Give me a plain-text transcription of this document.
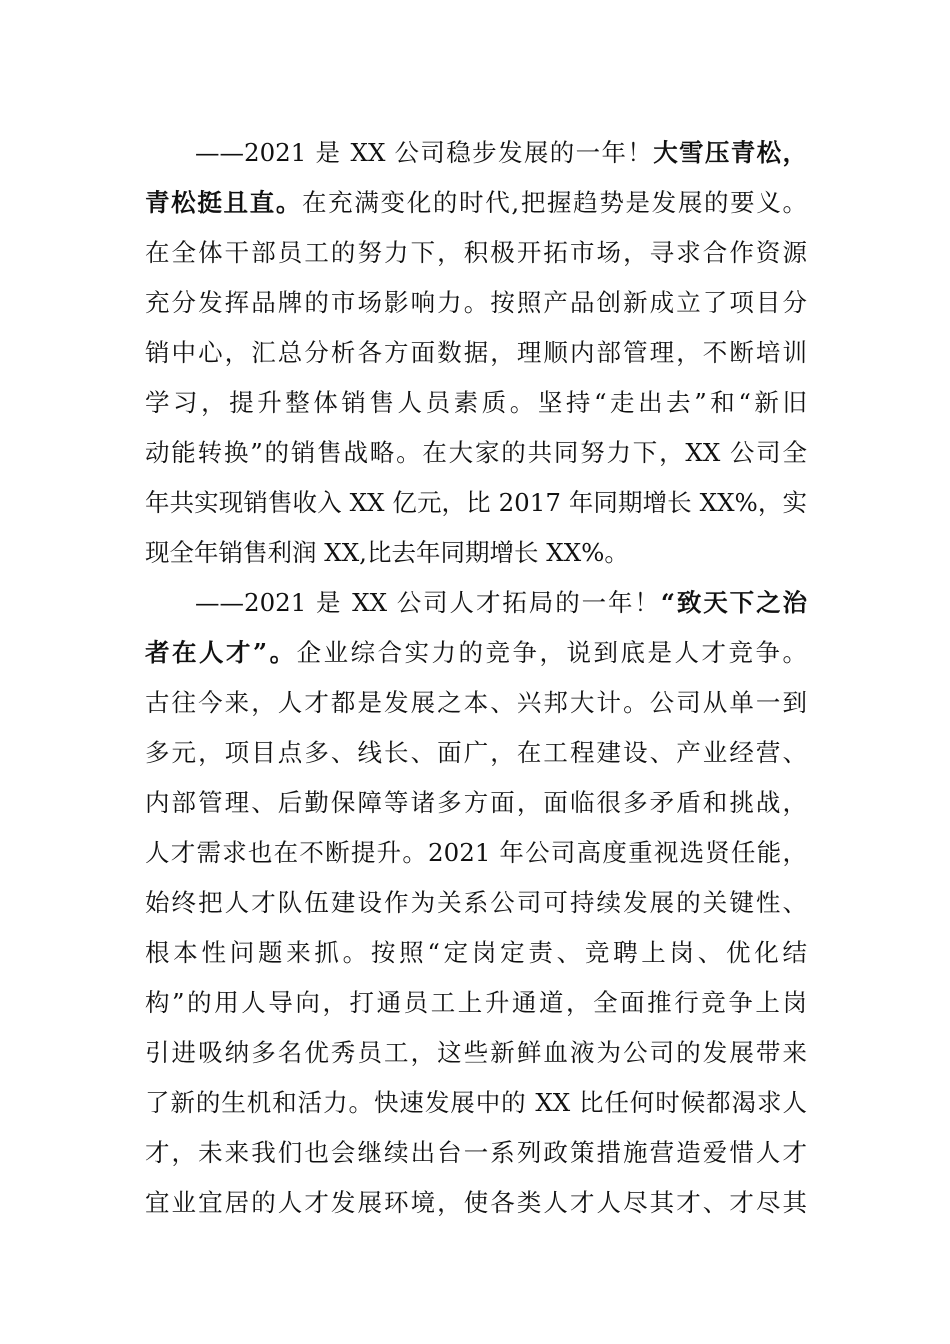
——2021 是 XX 公司稳步发展的一年！大雪压青松，
青松挺且直。在充满变化的时代,把握趋势是发展的要义。
在全体干部员工的努力下，积极开拓市场，寻求合作资源
充分发挥品牌的市场影响力。按照产品创新成立了项目分
销中心，汇总分析各方面数据，理顺内部管理，不断培训
学习，提升整体销售人员素质。坚持“走出去”和“新旧
动能转换”的销售战略。在大家的共同努力下，XX 公司全
年共实现销售收入 XX 亿元，比 2017 年同期增长 XX%，实
现全年销售利润 XX,比去年同期增长 XX%。
——2021 是 XX 公司人才拓局的一年！“致天下之治
者在人才”。企业综合实力的竞争，说到底是人才竞争。
古往今来，人才都是发展之本、兴邦大计。公司从单一到
多元，项目点多、线长、面广，在工程建设、产业经营、
内部管理、后勤保障等诸多方面，面临很多矛盾和挑战，
人才需求也在不断提升。2021 年公司高度重视选贤任能，
始终把人才队伍建设作为关系公司可持续发展的关键性、
根本性问题来抓。按照“定岗定责、竞聘上岗、优化结
构”的用人导向，打通员工上升通道，全面推行竞争上岗
引进吸纳多名优秀员工，这些新鲜血液为公司的发展带来
了新的生机和活力。快速发展中的 XX 比任何时候都渴求人
才，未来我们也会继续出台一系列政策措施营造爱惜人才
宜业宜居的人才发展环境，使各类人才人尽其才、才尽其
